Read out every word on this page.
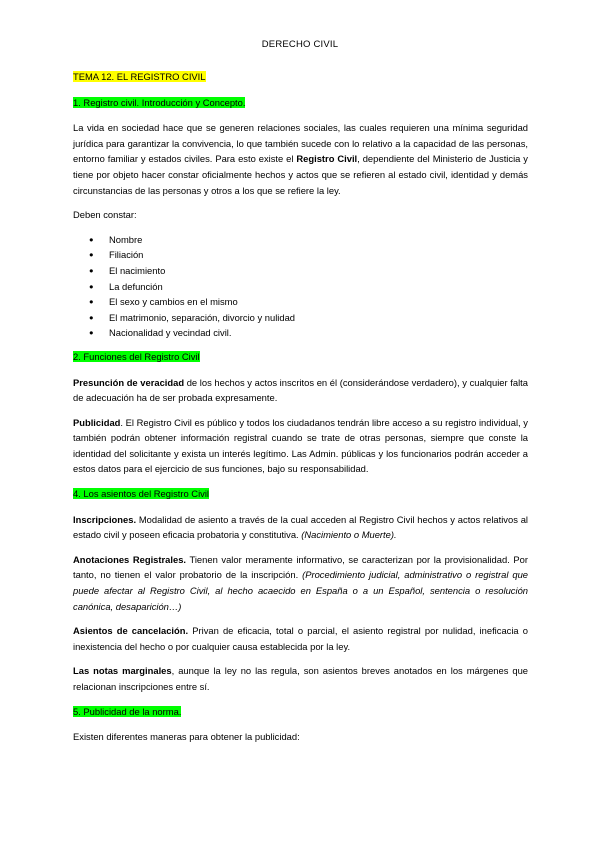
DERECHO CIVIL

TEMA 12. EL REGISTRO CIVIL

1. Registro civil. Introducción y Concepto.

La vida en sociedad hace que se generen relaciones sociales, las cuales requieren una mínima seguridad jurídica para garantizar la convivencia, lo que también sucede con lo relativo a la capacidad de las personas, entorno familiar y estados civiles. Para esto existe el Registro Civil, dependiente del Ministerio de Justicia y tiene por objeto hacer constar oficialmente hechos y actos que se refieren al estado civil, identidad y demás circunstancias de las personas y otros a los que se refiere la ley.

Deben constar:

● Nombre
● Filiación
● El nacimiento
● La defunción
● El sexo y cambios en el mismo
● El matrimonio, separación, divorcio y nulidad
● Nacionalidad y vecindad civil.

2. Funciones del Registro Civil

Presunción de veracidad de los hechos y actos inscritos en él (considerándose verdadero), y cualquier falta de adecuación ha de ser probada expresamente.

Publicidad. El Registro Civil es público y todos los ciudadanos tendrán libre acceso a su registro individual, y también podrán obtener información registral cuando se trate de otras personas, siempre que conste la identidad del solicitante y exista un interés legítimo. Las Admin. públicas y los funcionarios podrán acceder a estos datos para el ejercicio de sus funciones, bajo su responsabilidad.

4. Los asientos del Registro Civil

Inscripciones. Modalidad de asiento a través de la cual acceden al Registro Civil hechos y actos relativos al estado civil y poseen eficacia probatoria y constitutiva. (Nacimiento o Muerte).

Anotaciones Registrales. Tienen valor meramente informativo, se caracterizan por la provisionalidad. Por tanto, no tienen el valor probatorio de la inscripción. (Procedimiento judicial, administrativo o registral que puede afectar al Registro Civil, al hecho acaecido en España o a un Español, sentencia o resolución canónica, desaparición…)

Asientos de cancelación. Privan de eficacia, total o parcial, el asiento registral por nulidad, ineficacia o inexistencia del hecho o por cualquier causa establecida por la ley.

Las notas marginales, aunque la ley no las regula, son asientos breves anotados en los márgenes que relacionan inscripciones entre sí.

5. Publicidad de la norma.

Existen diferentes maneras para obtener la publicidad:
